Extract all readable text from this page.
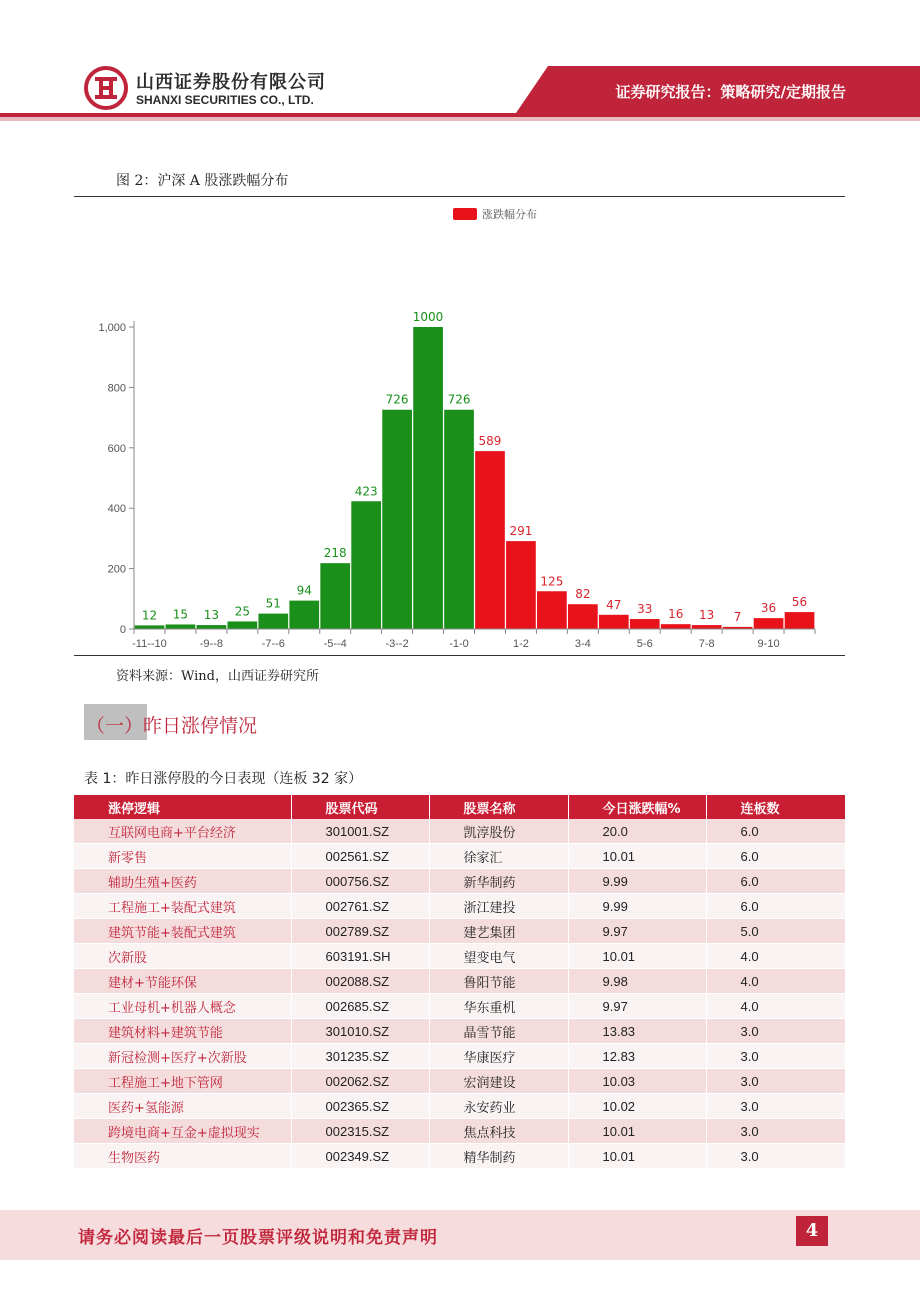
山西证券股份有限公司
SHANXI SECURITIES CO., LTD.	证券研究报告：策略研究/定期报告
图 2：沪深 A 股涨跌幅分布
涨跌幅分布
0
200
400
600
800
1,000
12 15 13 25
51
94
218
423
726
1000
726
589
291
125
82
47 33 16 13 7
36 56
-11--10	-9--8	-7--6	-5--4	-3--2	-1-0	1-2	3-4	5-6	7-8	9-10
资料来源：Wind，山西证券研究所
（一）昨日涨停情况
表 1：昨日涨停股的今日表现（连板 32 家）
涨停逻辑	股票代码	股票名称	今日涨跌幅%	连板数
互联网电商+平台经济	301001.SZ	凯淳股份	20.0	6.0
新零售	002561.SZ	徐家汇	10.01	6.0
辅助生殖+医药	000756.SZ	新华制药	9.99	6.0
工程施工+装配式建筑	002761.SZ	浙江建投	9.99	6.0
建筑节能+装配式建筑	002789.SZ	建艺集团	9.97	5.0
次新股	603191.SH	望变电气	10.01	4.0
建材+节能环保	002088.SZ	鲁阳节能	9.98	4.0
工业母机+机器人概念	002685.SZ	华东重机	9.97	4.0
建筑材料+建筑节能	301010.SZ	晶雪节能	13.83	3.0
新冠检测+医疗+次新股	301235.SZ	华康医疗	12.83	3.0
工程施工+地下管网	002062.SZ	宏润建设	10.03	3.0
医药+氢能源	002365.SZ	永安药业	10.02	3.0
跨境电商+互金+虚拟现实	002315.SZ	焦点科技	10.01	3.0
生物医药	002349.SZ	精华制药	10.01	3.0
请务必阅读最后一页股票评级说明和免责声明	4
